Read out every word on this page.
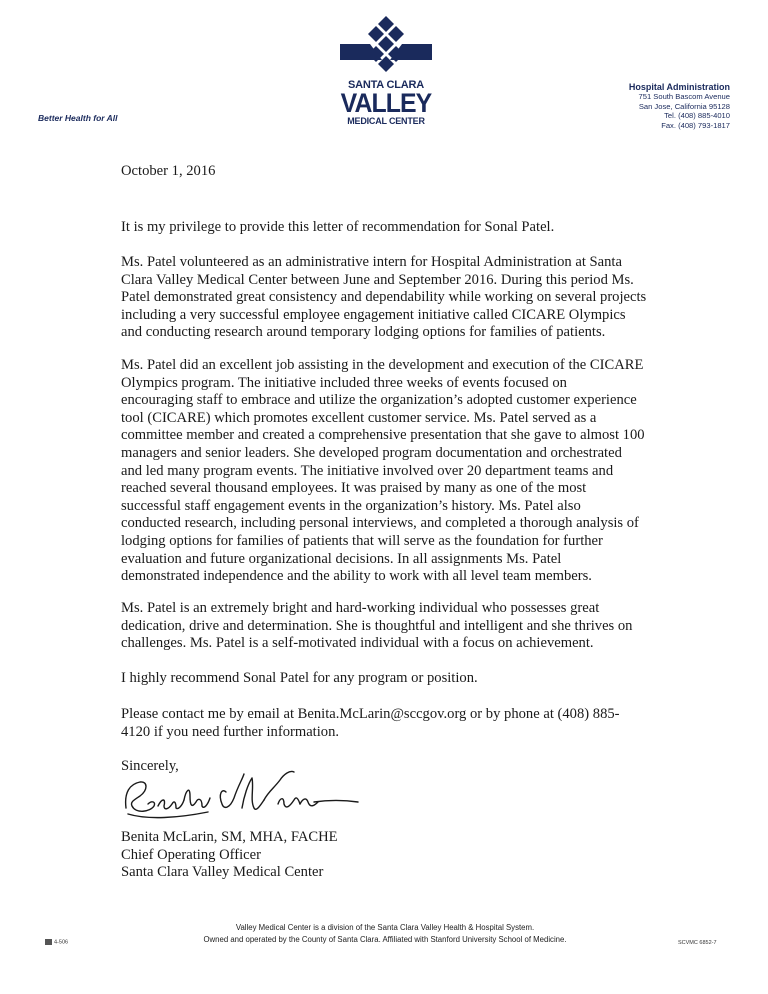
Better Health for All
SANTA CLARA
VALLEY
MEDICAL CENTER
Hospital Administration
751 South Bascom Avenue
San Jose, California 95128
Tel. (408) 885-4010
Fax. (408) 793-1817
October 1, 2016
It is my privilege to provide this letter of recommendation for Sonal Patel.
Ms. Patel volunteered as an administrative intern for Hospital Administration at Santa
Clara Valley Medical Center between June and September 2016. During this period Ms.
Patel demonstrated great consistency and dependability while working on several projects
including a very successful employee engagement initiative called CICARE Olympics
and conducting research around temporary lodging options for families of patients.
Ms. Patel did an excellent job assisting in the development and execution of the CICARE
Olympics program. The initiative included three weeks of events focused on
encouraging staff to embrace and utilize the organization’s adopted customer experience
tool (CICARE) which promotes excellent customer service. Ms. Patel served as a
committee member and created a comprehensive presentation that she gave to almost 100
managers and senior leaders. She developed program documentation and orchestrated
and led many program events. The initiative involved over 20 department teams and
reached several thousand employees. It was praised by many as one of the most
successful staff engagement events in the organization’s history. Ms. Patel also
conducted research, including personal interviews, and completed a thorough analysis of
lodging options for families of patients that will serve as the foundation for further
evaluation and future organizational decisions. In all assignments Ms. Patel
demonstrated independence and the ability to work with all level team members.
Ms. Patel is an extremely bright and hard-working individual who possesses great
dedication, drive and determination. She is thoughtful and intelligent and she thrives on
challenges. Ms. Patel is a self-motivated individual with a focus on achievement.
I highly recommend Sonal Patel for any program or position.
Please contact me by email at Benita.McLarin@sccgov.org or by phone at (408) 885-
4120 if you need further information.
Sincerely,
Benita McLarin, SM, MHA, FACHE
Chief Operating Officer
Santa Clara Valley Medical Center
Valley Medical Center is a division of the Santa Clara Valley Health & Hospital System.
Owned and operated by the County of Santa Clara. Affiliated with Stanford University School of Medicine.
4-506	SCVMC 6852-7
